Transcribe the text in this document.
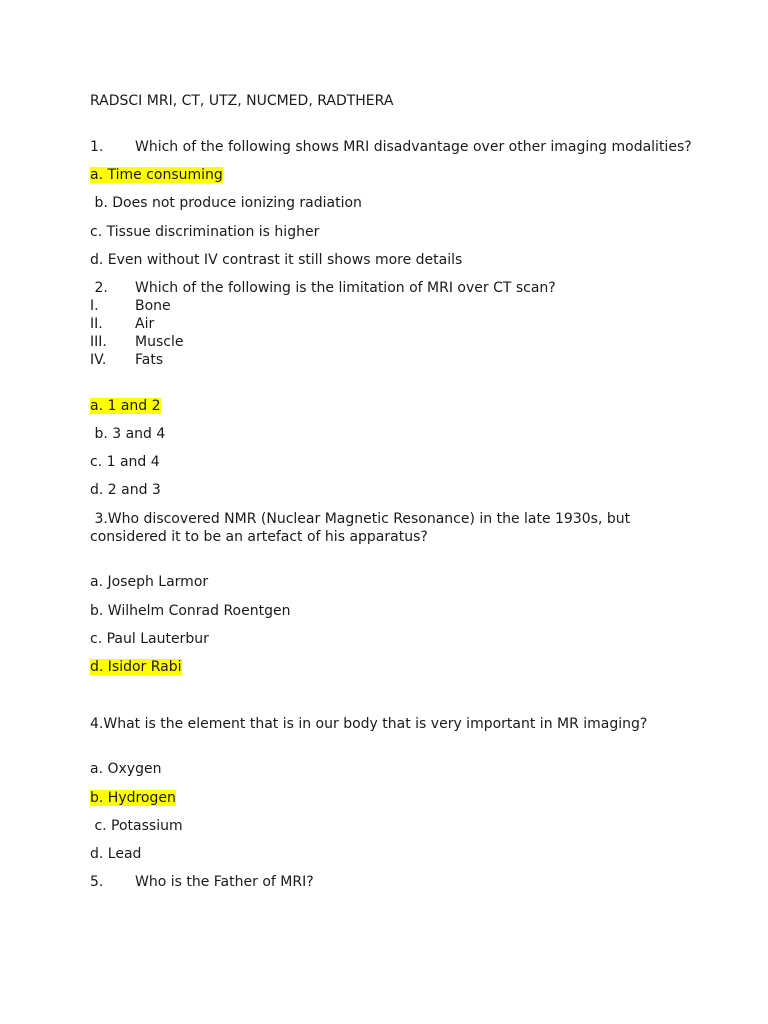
RADSCI MRI, CT, UTZ, NUCMED, RADTHERA

1. Which of the following shows MRI disadvantage over other imaging modalities?

a. Time consuming

b. Does not produce ionizing radiation

c. Tissue discrimination is higher

d. Even without IV contrast it still shows more details

2. Which of the following is the limitation of MRI over CT scan?

I.	Bone

II. Air

III. Muscle

IV. Fats

a. 1 and 2

b. 3 and 4

c. 1 and 4

d. 2 and 3

3.Who discovered NMR (Nuclear Magnetic Resonance) in the late 1930s, but

considered it to be an artefact of his apparatus?

a. Joseph Larmor

b. Wilhelm Conrad Roentgen

c. Paul Lauterbur

d. Isidor Rabi

4.What is the element that is in our body that is very important in MR imaging?

a. Oxygen

b. Hydrogen

c. Potassium

d. Lead

5. Who is the Father of MRI?
